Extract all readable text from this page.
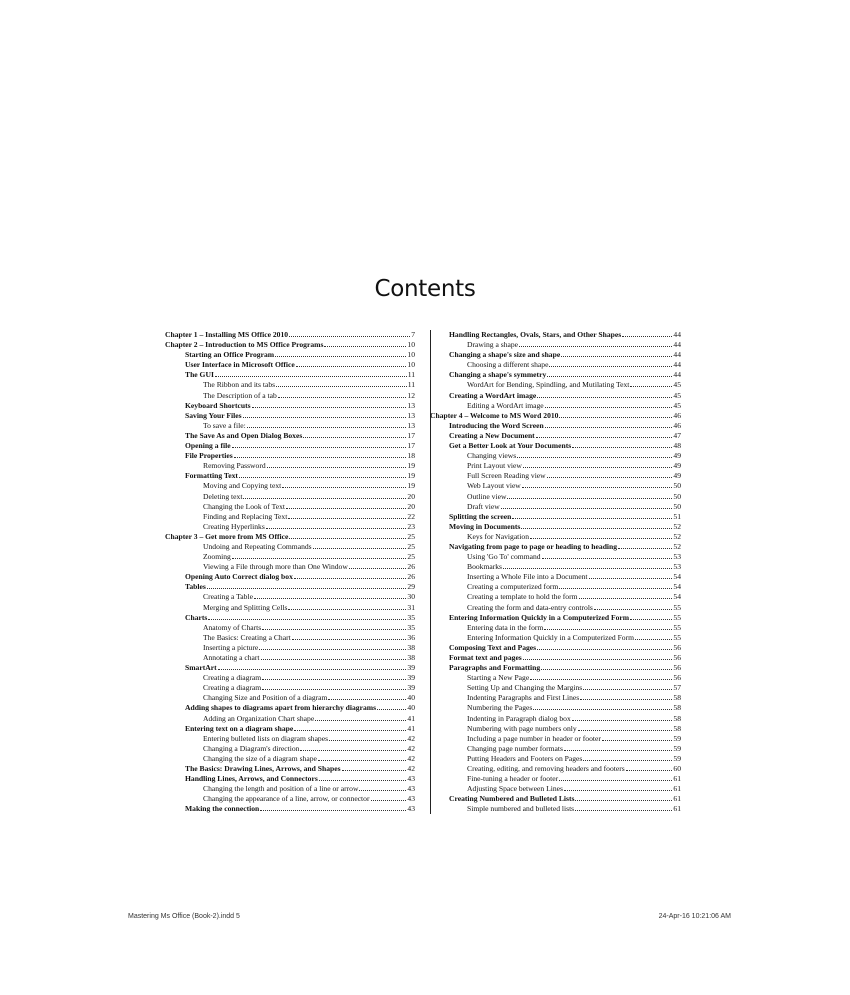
Contents
Chapter 1 – Installing MS Office 2010	7
Chapter 2 – Introduction to MS Office Programs	10
Starting an Office Program	10
User Interface in Microsoft Office	10
The GUI	11
The Ribbon and its tabs	11
The Description of a tab	12
Keyboard Shortcuts	13
Saving Your Files	13
To save a file:	13
The Save As and Open Dialog Boxes	17
Opening a file	17
File Properties	18
Removing Password	19
Formatting Text	19
Moving and Copying text	19
Deleting text	20
Changing the Look of Text	20
Finding and Replacing Text	22
Creating Hyperlinks	23
Chapter 3 – Get more from MS Office	25
Undoing and Repeating Commands	25
Zooming	25
Viewing a File through more than One Window	26
Opening Auto Correct dialog box	26
Tables	29
Creating a Table	30
Merging and Splitting Cells	31
Charts	35
Anatomy of Charts	35
The Basics: Creating a Chart	36
Inserting a picture	38
Annotating a chart	38
SmartArt	39
Creating a diagram	39
Creating a diagram	39
Changing Size and Position of a diagram	40
Adding shapes to diagrams apart from hierarchy diagrams	40
Adding an Organization Chart shape	41
Entering text on a diagram shape	41
Entering bulleted lists on diagram shapes	42
Changing a Diagram's direction	42
Changing the size of a diagram shape	42
The Basics: Drawing Lines, Arrows, and Shapes	42
Handling Lines, Arrows, and Connectors	43
Changing the length and position of a line or arrow	43
Changing the appearance of a line, arrow, or connector	43
Making the connection	43
Handling Rectangles, Ovals, Stars, and Other Shapes	44
Drawing a shape	44
Changing a shape's size and shape	44
Choosing a different shape	44
Changing a shape's symmetry	44
WordArt for Bending, Spindling, and Mutilating Text	45
Creating a WordArt image	45
Editing a WordArt image	45
Chapter 4 – Welcome to MS Word 2010	46
Introducing the Word Screen	46
Creating a New Document	47
Get a Better Look at Your Documents	48
Changing views	49
Print Layout view	49
Full Screen Reading view	49
Web Layout view	50
Outline view	50
Draft view	50
Splitting the screen	51
Moving in Documents	52
Keys for Navigation	52
Navigating from page to page or heading to heading	52
Using 'Go To' command	53
Bookmarks	53
Inserting a Whole File into a Document	54
Creating a computerized form	54
Creating a template to hold the form	54
Creating the form and data-entry controls	55
Entering Information Quickly in a Computerized Form	55
Entering data in the form	55
Entering Information Quickly in a Computerized Form	55
Composing Text and Pages	56
Format text and pages	56
Paragraphs and Formatting	56
Starting a New Page	56
Setting Up and Changing the Margins	57
Indenting Paragraphs and First Lines	58
Numbering the Pages	58
Indenting in Paragraph dialog box	58
Numbering with page numbers only	58
Including a page number in header or footer	59
Changing page number formats	59
Putting Headers and Footers on Pages	59
Creating, editing, and removing headers and footers	60
Fine-tuning a header or footer	61
Adjusting Space between Lines	61
Creating Numbered and Bulleted Lists	61
Simple numbered and bulleted lists	61
Mastering Ms Office (Book-2).indd 5	24-Apr-16 10:21:06 AM
